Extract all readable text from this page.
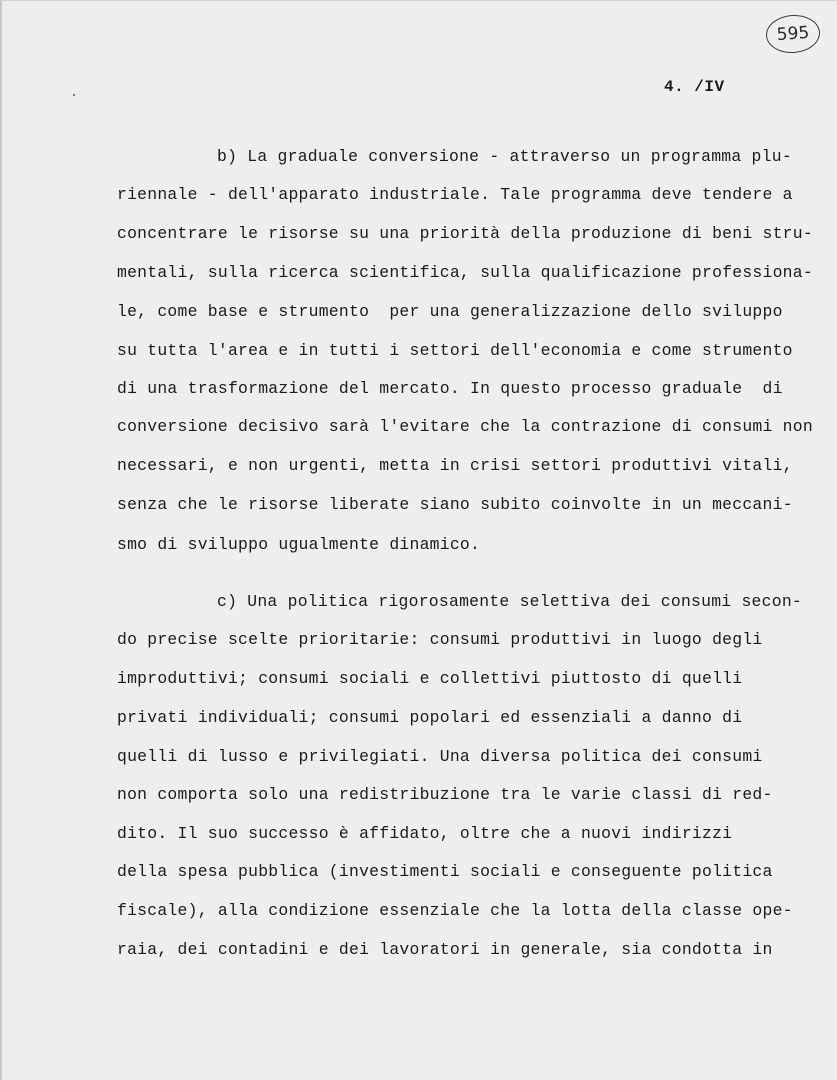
595
4. /IV
b) La graduale conversione - attraverso un programma plu-
riennale - dell'apparato industriale. Tale programma deve tendere a
concentrare le risorse su una priorità della produzione di beni stru-
mentali, sulla ricerca scientifica, sulla qualificazione professiona-
le, come base e strumento  per una generalizzazione dello sviluppo
su tutta l'area e in tutti i settori dell'economia e come strumento
di una trasformazione del mercato. In questo processo graduale  di
conversione decisivo sarà l'evitare che la contrazione di consumi non
necessari, e non urgenti, metta in crisi settori produttivi vitali,
senza che le risorse liberate siano subito coinvolte in un meccani-
smo di sviluppo ugualmente dinamico.
c) Una politica rigorosamente selettiva dei consumi secon-
do precise scelte prioritarie: consumi produttivi in luogo degli
improduttivi; consumi sociali e collettivi piuttosto di quelli
privati individuali; consumi popolari ed essenziali a danno di
quelli di lusso e privilegiati. Una diversa politica dei consumi
non comporta solo una redistribuzione tra le varie classi di red-
dito. Il suo successo è affidato, oltre che a nuovi indirizzi
della spesa pubblica (investimenti sociali e conseguente politica
fiscale), alla condizione essenziale che la lotta della classe ope-
raia, dei contadini e dei lavoratori in generale, sia condotta in
